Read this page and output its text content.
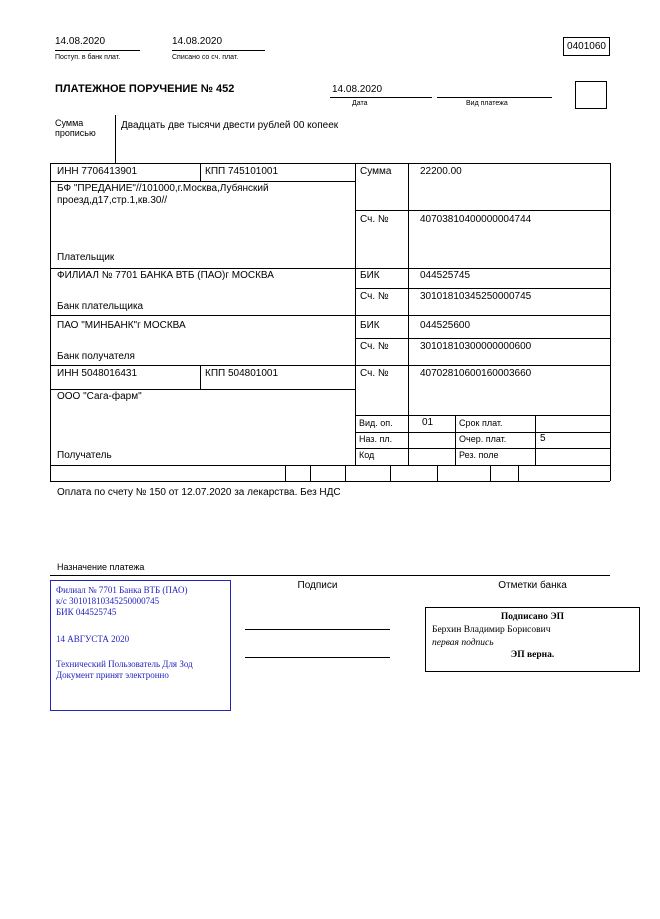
14.08.2020
Поступ. в банк плат.
14.08.2020
Списано со сч. плат.
0401060
ПЛАТЕЖНОЕ ПОРУЧЕНИЕ № 452	14.08.2020
Дата	Вид платежа
Сумма прописью
Двадцать две тысячи двести рублей 00 копеек
ИНН 7706413901	КПП 745101001	Сумма	22200.00
БФ "ПРЕДАНИЕ"//101000,г.Москва,Лубянский проезд,д17,стр.1,кв.30//
Сч. №	40703810400000004744
Плательщик
ФИЛИАЛ № 7701 БАНКА ВТБ (ПАО)г МОСКВА	БИК	044525745
Сч. №	30101810345250000745
Банк плательщика
ПАО "МИНБАНК"г МОСКВА	БИК	044525600
Сч. №	30101810300000000600
Банк получателя
ИНН 5048016431	КПП 504801001	Сч. №	40702810600160003660
ООО "Сага-фарм"
Получатель
Вид. оп.	01	Срок плат.
Наз. пл.	Очер. плат.	5
Код	Рез. поле
Оплата по счету № 150 от 12.07.2020 за лекарства. Без НДС
Назначение платежа
Подписи	Отметки банка
Филиал № 7701 Банка ВТБ (ПАО)
к/с 30101810345250000745
БИК 044525745
14 АВГУСТА 2020
Технический Пользователь Для Зод
Документ принят электронно
Подписано ЭП
Берхин Владимир Борисович
первая подпись
ЭП верна.
